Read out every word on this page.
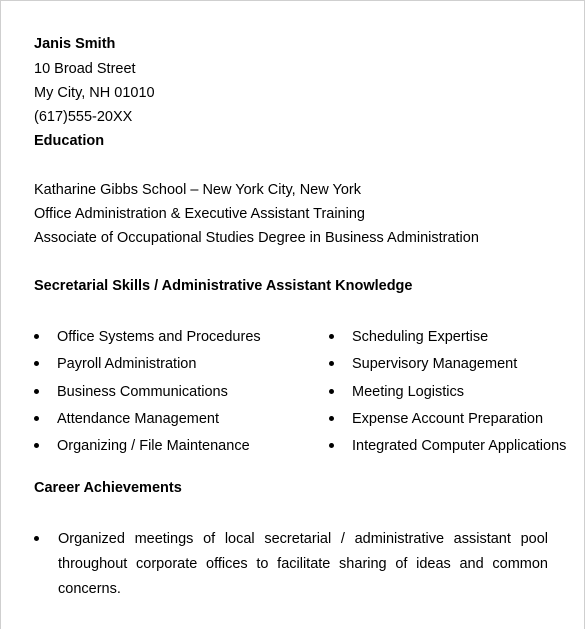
Janis Smith
10 Broad Street
My City, NH 01010
(617)555-20XX
Education
Katharine Gibbs School – New York City, New York
Office Administration & Executive Assistant Training
Associate of Occupational Studies Degree in Business Administration
Secretarial Skills / Administrative Assistant Knowledge
Office Systems and Procedures
Payroll Administration
Business Communications
Attendance Management
Organizing / File Maintenance
Scheduling Expertise
Supervisory Management
Meeting Logistics
Expense Account Preparation
Integrated Computer Applications
Career Achievements
Organized meetings of local secretarial / administrative assistant pool throughout corporate offices to facilitate sharing of ideas and common concerns.
